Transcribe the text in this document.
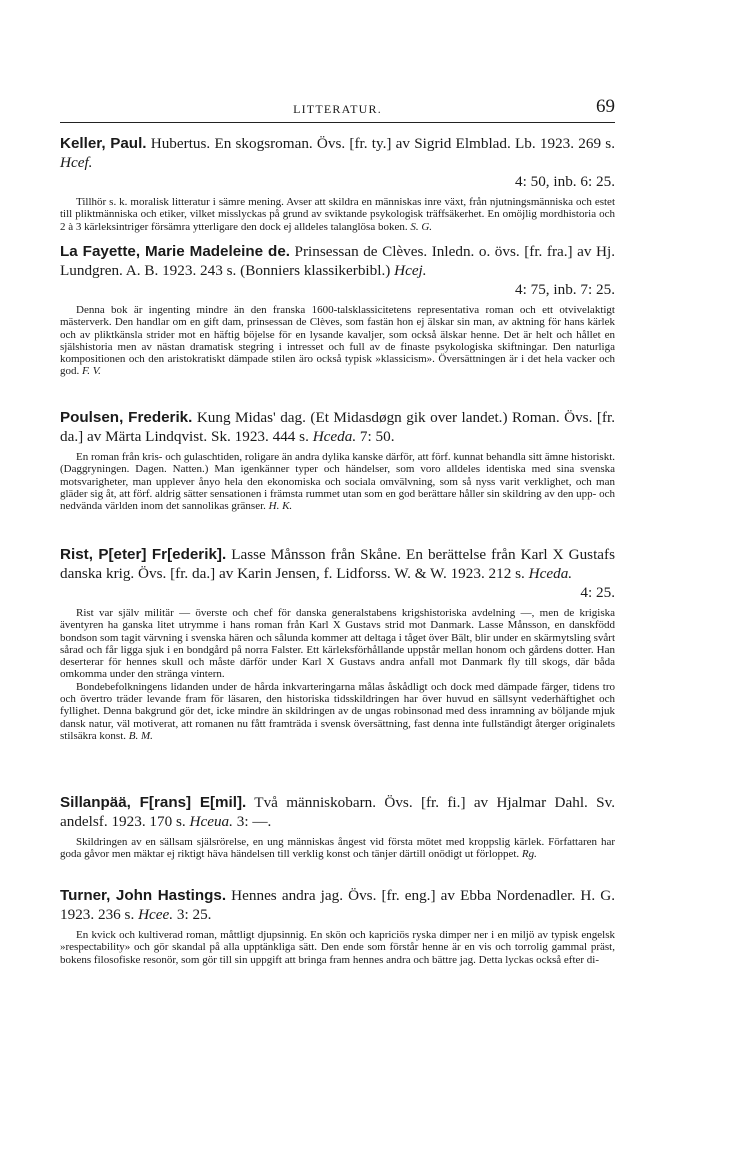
LITTERATUR.	69

Keller, Paul. Hubertus. En skogsroman. Övs. [fr. ty.] av Sigrid Elmblad. Lb. 1923. 269 s. Hcef.
4: 50, inb. 6: 25.

Tillhör s. k. moralisk litteratur i sämre mening. Avser att skildra en människas inre växt, från njutningsmänniska och estet till pliktmänniska och etiker, vilket misslyckas på grund av sviktande psykologisk träffsäkerhet. En omöjlig mordhistoria och 2 à 3 kärleksintriger försämra ytterligare den dock ej alldeles talanglösa boken. S. G.

La Fayette, Marie Madeleine de. Prinsessan de Clèves. Inledn. o. övs. [fr. fra.] av Hj. Lundgren. A. B. 1923. 243 s. (Bonniers klassikerbibl.) Hcej.
4: 75, inb. 7: 25.

Denna bok är ingenting mindre än den franska 1600-talsklassicitetens representativa roman och ett otvivelaktigt mästerverk. Den handlar om en gift dam, prinsessan de Clèves, som fastän hon ej älskar sin man, av aktning för hans kärlek och av pliktkänsla strider mot en häftig böjelse för en lysande kavaljer, som också älskar henne. Det är helt och hållet en själshistoria men av nästan dramatisk stegring i intresset och full av de finaste psykologiska skiftningar. Den naturliga kompositionen och den aristokratiskt dämpade stilen äro också typisk »klassicism». Översättningen är i det hela vacker och god. F. V.

Poulsen, Frederik. Kung Midas' dag. (Et Midasdøgn gik over landet.) Roman. Övs. [fr. da.] av Märta Lindqvist. Sk. 1923. 444 s. Hceda. 7: 50.

En roman från kris- och gulaschtiden, roligare än andra dylika kanske därför, att förf. kunnat behandla sitt ämne historiskt. (Daggryningen. Dagen. Natten.) Man igenkänner typer och händelser, som voro alldeles identiska med sina svenska motsvarigheter, man upplever ånyo hela den ekonomiska och sociala omvälvning, som så nyss varit verklighet, och man gläder sig åt, att förf. aldrig sätter sensationen i främsta rummet utan som en god berättare håller sin skildring av den upp- och nedvända världen inom det sannolikas gränser. H. K.

Rist, P[eter] Fr[ederik]. Lasse Månsson från Skåne. En berättelse från Karl X Gustafs danska krig. Övs. [fr. da.] av Karin Jensen, f. Lidforss. W. & W. 1923. 212 s. Hceda.
4: 25.

Rist var själv militär — överste och chef för danska generalstabens krigshistoriska avdelning —, men de krigiska äventyren ha ganska litet utrymme i hans roman från Karl X Gustavs strid mot Danmark. Lasse Månsson, en danskfödd bondson som tagit värvning i svenska hären och sålunda kommer att deltaga i tåget över Bält, blir under en skärmytsling svårt sårad och får ligga sjuk i en bondgård på norra Falster. Ett kärleksförhållande uppstår mellan honom och gårdens dotter. Han deserterar för hennes skull och måste därför under Karl X Gustavs andra anfall mot Danmark fly till skogs, där båda omkomma under den stränga vintern.

Bondebefolkningens lidanden under de hårda inkvarteringarna målas åskådligt och dock med dämpade färger, tidens tro och övertro träder levande fram för läsaren, den historiska tidsskildringen har över huvud en sällsynt vederhäftighet och fyllighet. Denna bakgrund gör det, icke mindre än skildringen av de ungas robinsonad med dess inramning av böljande mjuk dansk natur, väl motiverat, att romanen nu fått framträda i svensk översättning, fast denna inte fullständigt återger originalets stilsäkra konst. B. M.

Sillanpää, F[rans] E[mil]. Två människobarn. Övs. [fr. fi.] av Hjalmar Dahl. Sv. andelsf. 1923. 170 s. Hceua. 3: —.

Skildringen av en sällsam själsrörelse, en ung människas ångest vid första mötet med kroppslig kärlek. Författaren har goda gåvor men mäktar ej riktigt häva händelsen till verklig konst och tänjer därtill onödigt ut förloppet. Rg.

Turner, John Hastings. Hennes andra jag. Övs. [fr. eng.] av Ebba Nordenadler. H. G. 1923. 236 s. Hcee. 3: 25.

En kvick och kultiverad roman, måttligt djupsinnig. En skön och kapriciös ryska dimper ner i en miljö av typisk engelsk »respectability» och gör skandal på alla upptänkliga sätt. Den ende som förstår henne är en vis och torrolig gammal präst, bokens filosofiske resonör, som gör till sin uppgift att bringa fram hennes andra och bättre jag. Detta lyckas också efter di-
